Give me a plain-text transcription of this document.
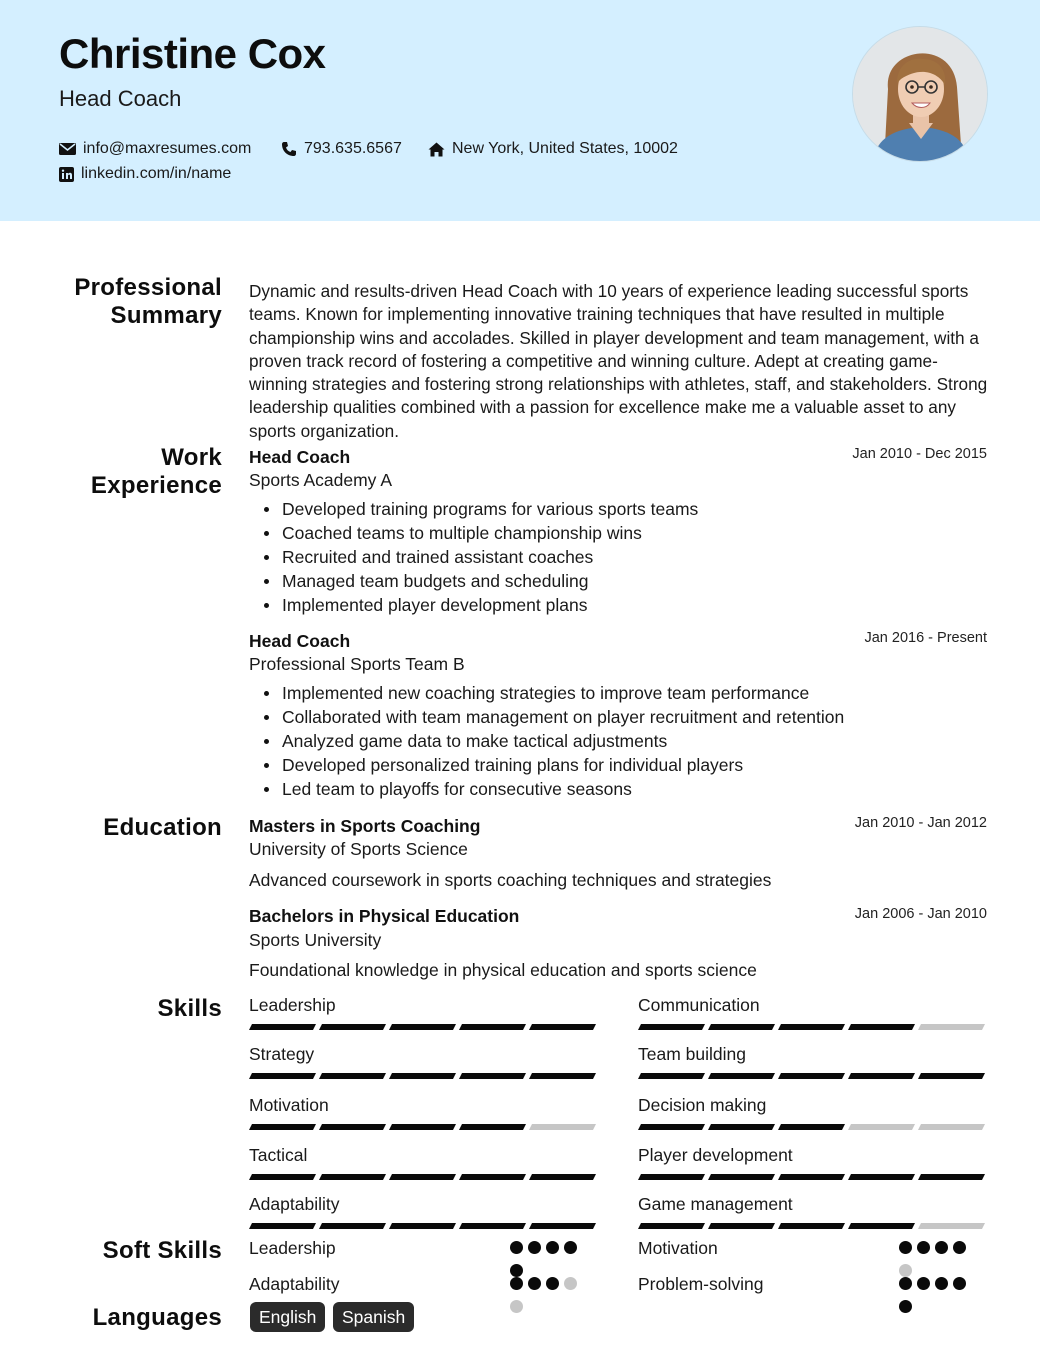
Christine Cox
Head Coach
info@maxresumes.com	793.635.6567	New York, United States, 10002
linkedin.com/in/name
Professional
Summary
Work
Experience
Education
Skills
Soft Skills
Languages
Dynamic and results-driven Head Coach with 10 years of experience leading successful sports teams. Known for implementing innovative training techniques that have resulted in multiple championship wins and accolades. Skilled in player development and team management, with a proven track record of fostering a competitive and winning culture. Adept at creating game-winning strategies and fostering strong relationships with athletes, staff, and stakeholders. Strong leadership qualities combined with a passion for excellence make me a valuable asset to any sports organization.
Head Coach	Jan 2010 - Dec 2015
Sports Academy A
Developed training programs for various sports teams
Coached teams to multiple championship wins
Recruited and trained assistant coaches
Managed team budgets and scheduling
Implemented player development plans
Head Coach	Jan 2016 - Present
Professional Sports Team B
Implemented new coaching strategies to improve team performance
Collaborated with team management on player recruitment and retention
Analyzed game data to make tactical adjustments
Developed personalized training plans for individual players
Led team to playoffs for consecutive seasons
Masters in Sports Coaching	Jan 2010 - Jan 2012
University of Sports Science
Advanced coursework in sports coaching techniques and strategies
Bachelors in Physical Education	Jan 2006 - Jan 2010
Sports University
Foundational knowledge in physical education and sports science
Leadership	Communication
Strategy	Team building
Motivation	Decision making
Tactical	Player development
Adaptability	Game management
Leadership	Motivation
Adaptability	Problem-solving
English	Spanish
